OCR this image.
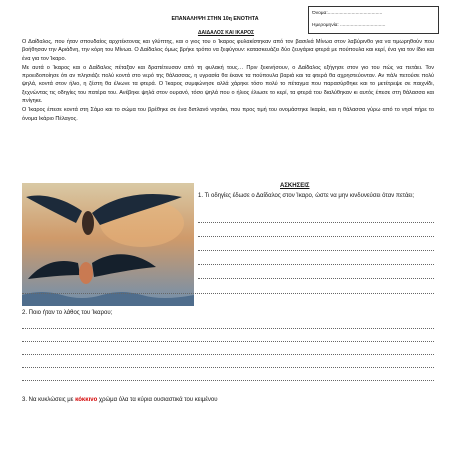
Όνομα:.........................................
Ημερομηνία: ..................................
ΕΠΑΝΑΛΗΨΗ ΣΤΗΝ 10η ΕΝΟΤΗΤΑ
ΔΑΙΔΑΛΟΣ ΚΑΙ ΙΚΑΡΟΣ

Ο Δαίδαλος, που ήταν σπουδαίος αρχιτέκτονας και γλύπτης, και ο γιος του ο Ίκαρος φυλακίστηκαν από τον βασιλιά Μίνωα στον λαβύρινθο για να τιμωρηθούν που βοήθησαν την Αριάδνη, την κόρη του Μίνωα. Ο Δαίδαλος όμως βρήκε τρόπο να ξεφύγουν: κατασκευάζει δύο ζευγάρια φτερά με πούπουλα και κερί, ένα για τον ίδιο και ένα για τον Ίκαρο.

Με αυτά ο Ίκαρος και ο Δαίδαλος πέταξαν και δραπέτευσαν από τη φυλακή τους… Πριν ξεκινήσουν, ο Δαίδαλος εξήγησε στον γιο του πώς να πετάει. Τον προειδοποίησε ότι αν πλησιάζε πολύ κοντά στο νερό της θάλασσας, η υγρασία θα έκανε τα πούπουλα βαριά και τα φτερά θα αχρηστεύονταν. Αν πάλι πετούσε πολύ ψηλά, κοντά στον ήλιο, η ζέστη θα έλιωνε τα φτερά. Ο Ίκαρος συμφώνησε αλλά χάρηκε τόσο πολύ το πέταγμα που παρασύρθηκε και το μετέτρεψε σε παιχνίδι, ξεχνώντας τις οδηγίες του πατέρα του. Ανέβηκε ψηλά στον ουρανό, τόσο ψηλά που ο ήλιος έλιωσε το κερί, τα φτερά του διαλύθηκαν κι αυτός έπεσε στη θάλασσα και πνίγηκε.

Ο Ίκαρος έπεσε κοντά στη Σάμο και το σώμα του βρέθηκε σε ένα διπλανό νησάκι, που προς τιμή του ονομάστηκε Ικαρία, και η θάλασσα γύρω από το νησί πήρε το όνομα Ικάριο Πέλαγος.

ΑΣΚΗΣΕΙΣ
1. Τι οδηγίες έδωσε ο Δαίδαλος στον Ίκαρο, ώστε να μην κινδυνεύσει όταν πετάει;
2. Ποιο ήταν το λάθος του Ίκαρου;
3. Να κυκλώσεις με κόκκινο χρώμα όλα τα κύρια ουσιαστικά του κειμένου
